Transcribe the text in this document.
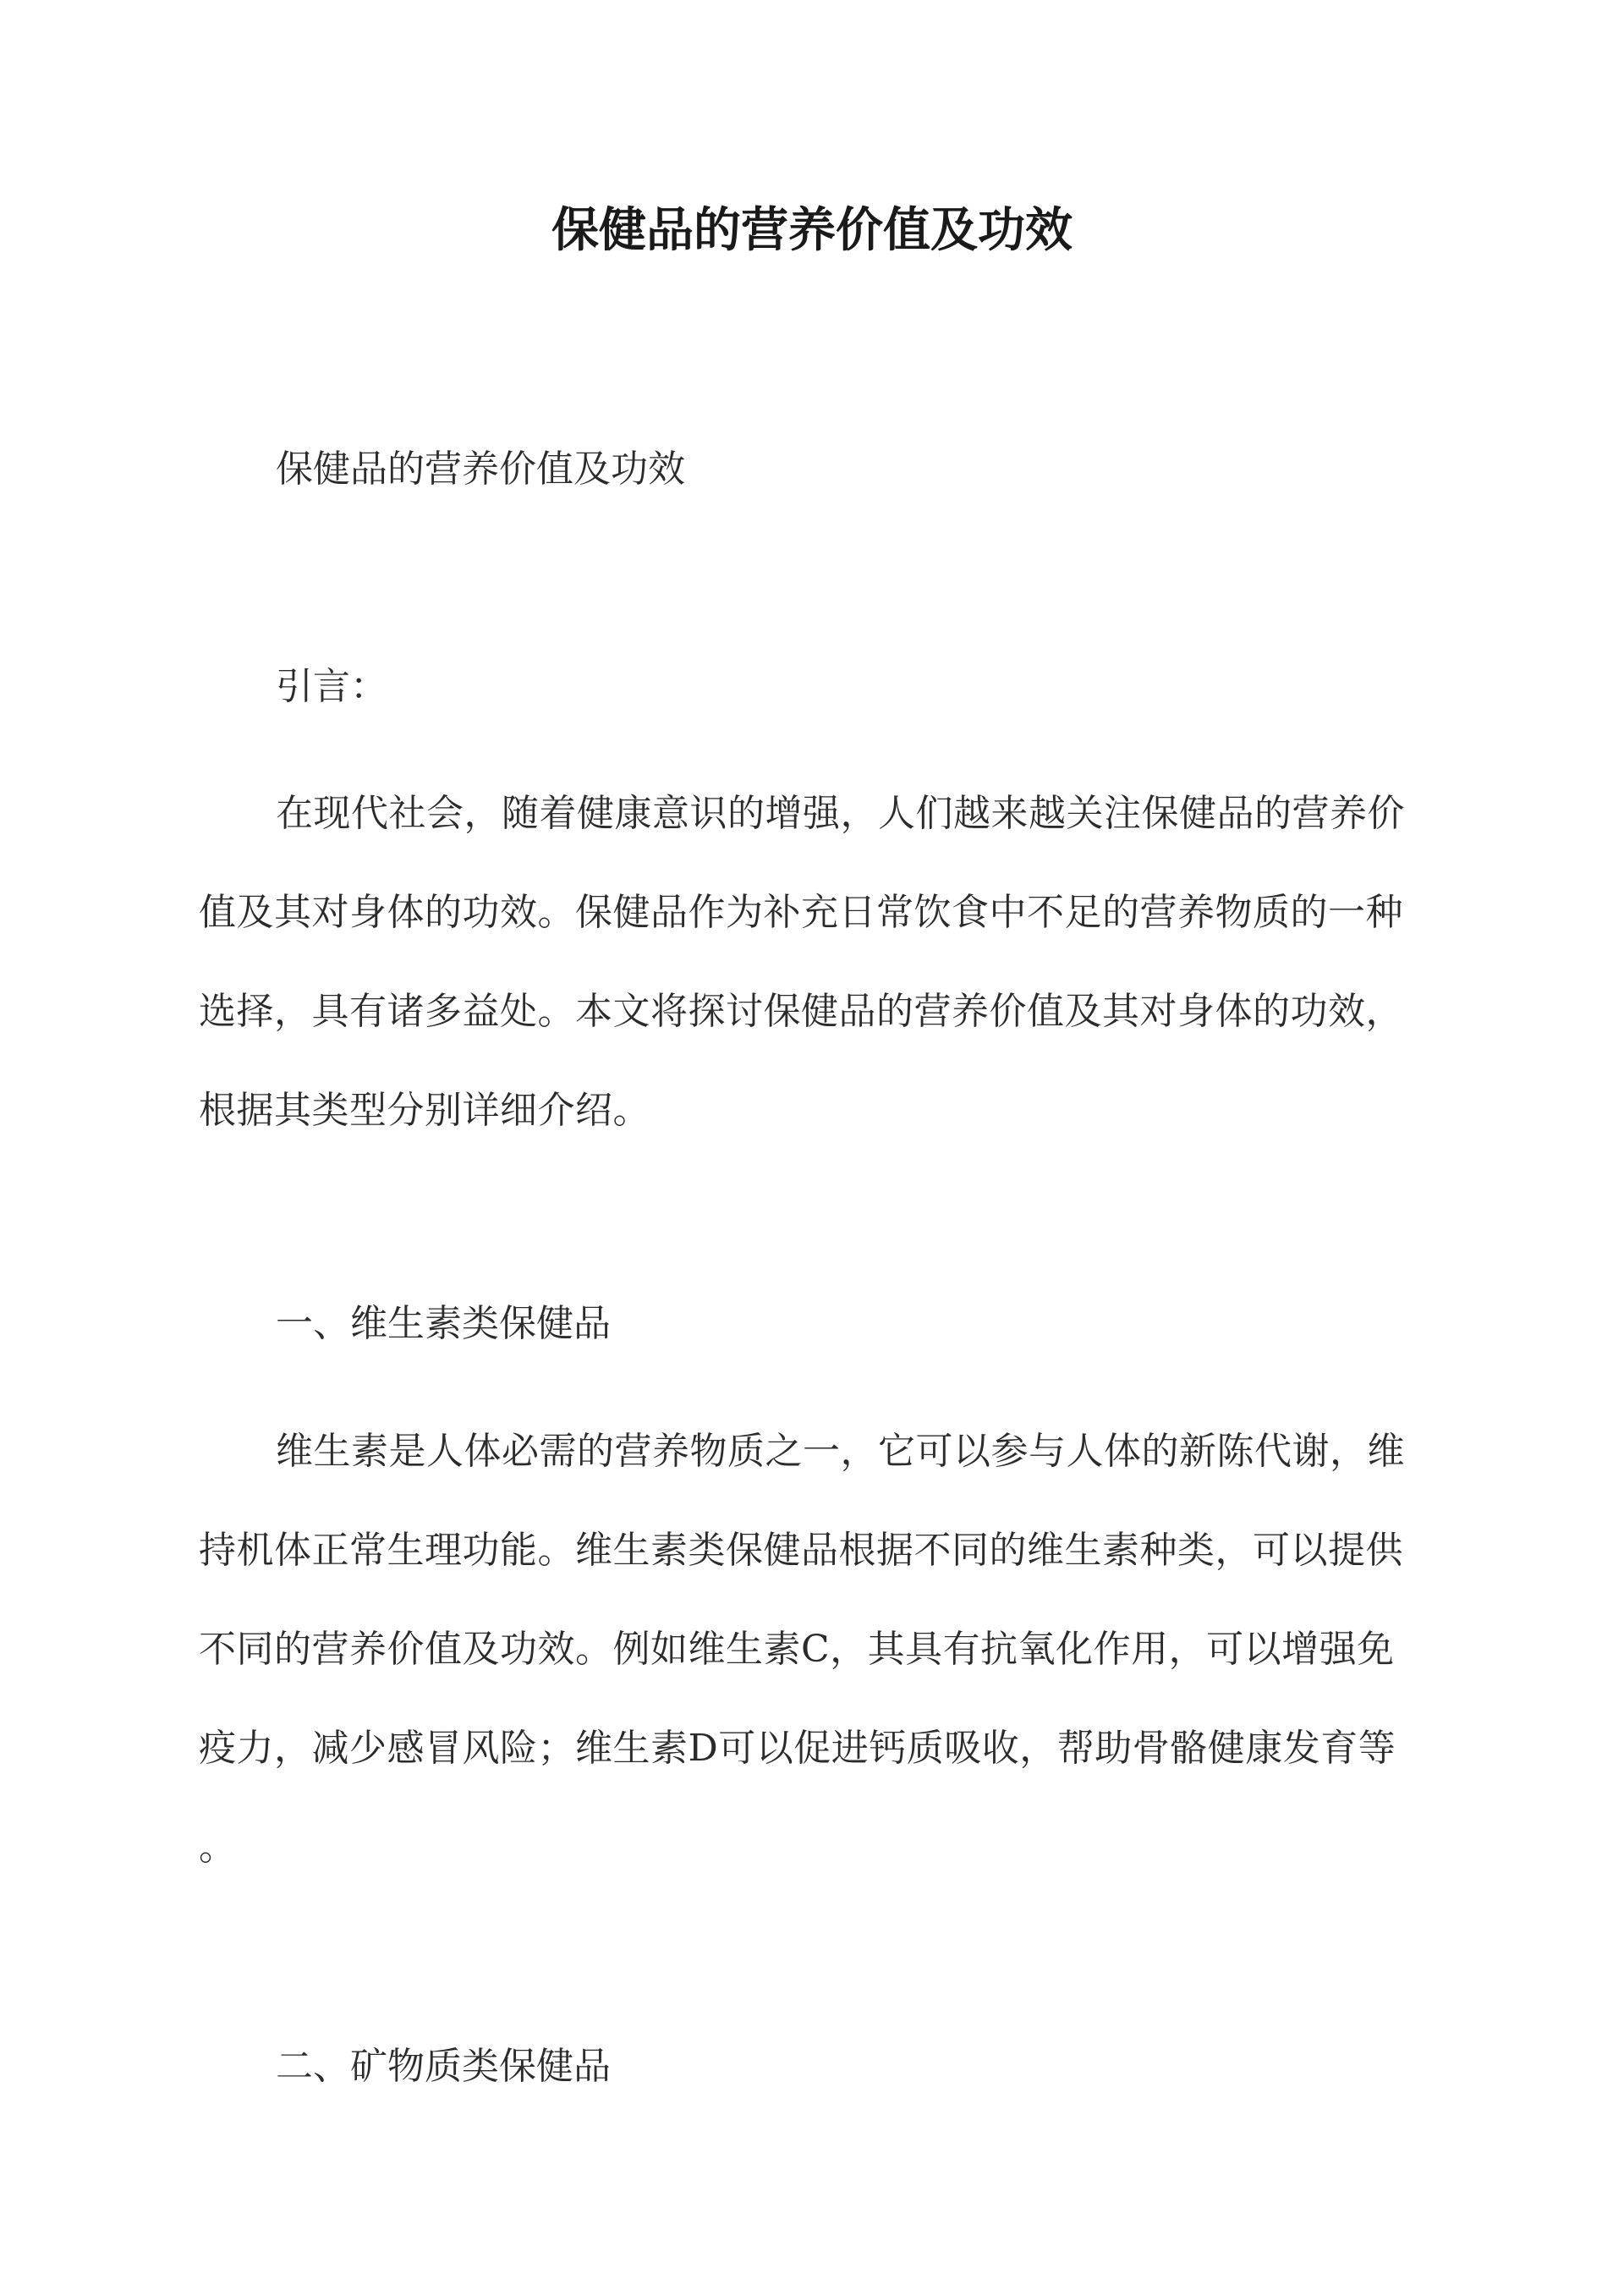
保健品的营养价值及功效

保健品的营养价值及功效

引言：

在现代社会，随着健康意识的增强，人们越来越关注保健品的营养价
值及其对身体的功效。保健品作为补充日常饮食中不足的营养物质的一种
选择，具有诸多益处。本文将探讨保健品的营养价值及其对身体的功效，
根据其类型分别详细介绍。

一、维生素类保健品

维生素是人体必需的营养物质之一，它可以参与人体的新陈代谢，维
持机体正常生理功能。维生素类保健品根据不同的维生素种类，可以提供
不同的营养价值及功效。例如维生素C，其具有抗氧化作用，可以增强免
疫力，减少感冒风险；维生素D可以促进钙质吸收，帮助骨骼健康发育等
。

二、矿物质类保健品
